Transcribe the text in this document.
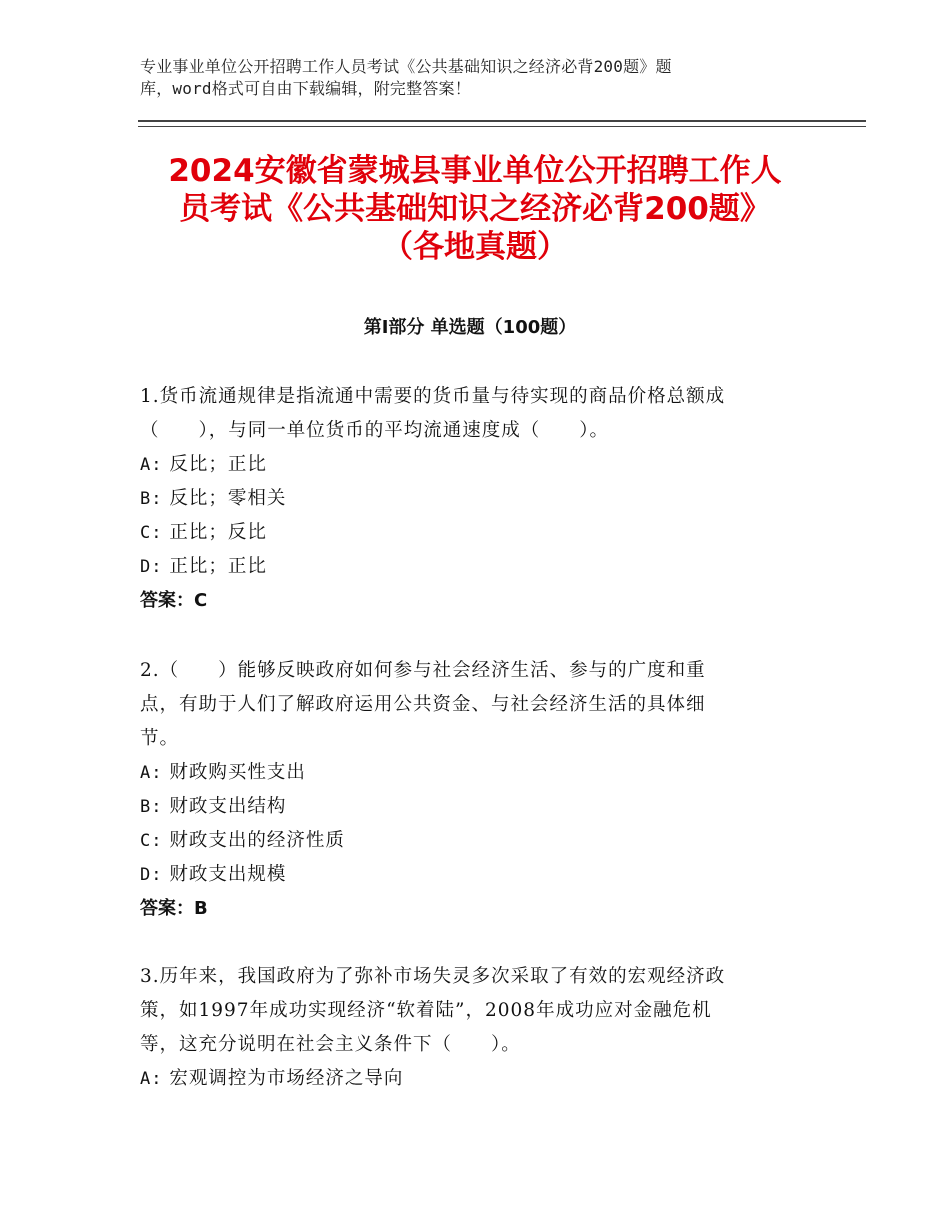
专业事业单位公开招聘工作人员考试《公共基础知识之经济必背200题》题
库，word格式可自由下载编辑，附完整答案！
2024安徽省蒙城县事业单位公开招聘工作人
员考试《公共基础知识之经济必背200题》
（各地真题）
第I部分 单选题（100题）

1.货币流通规律是指流通中需要的货币量与待实现的商品价格总额成

（　　），与同一单位货币的平均流通速度成（　　）。

A: 反比；正比

B: 反比；零相关

C: 正比；反比

D: 正比；正比

答案：C

2.（　　）能够反映政府如何参与社会经济生活、参与的广度和重

点，有助于人们了解政府运用公共资金、与社会经济生活的具体细

节。

A: 财政购买性支出

B: 财政支出结构

C: 财政支出的经济性质

D: 财政支出规模

答案：B

3.历年来，我国政府为了弥补市场失灵多次采取了有效的宏观经济政

策，如1997年成功实现经济“软着陆”，2008年成功应对金融危机

等，这充分说明在社会主义条件下（　　）。

A: 宏观调控为市场经济之导向
